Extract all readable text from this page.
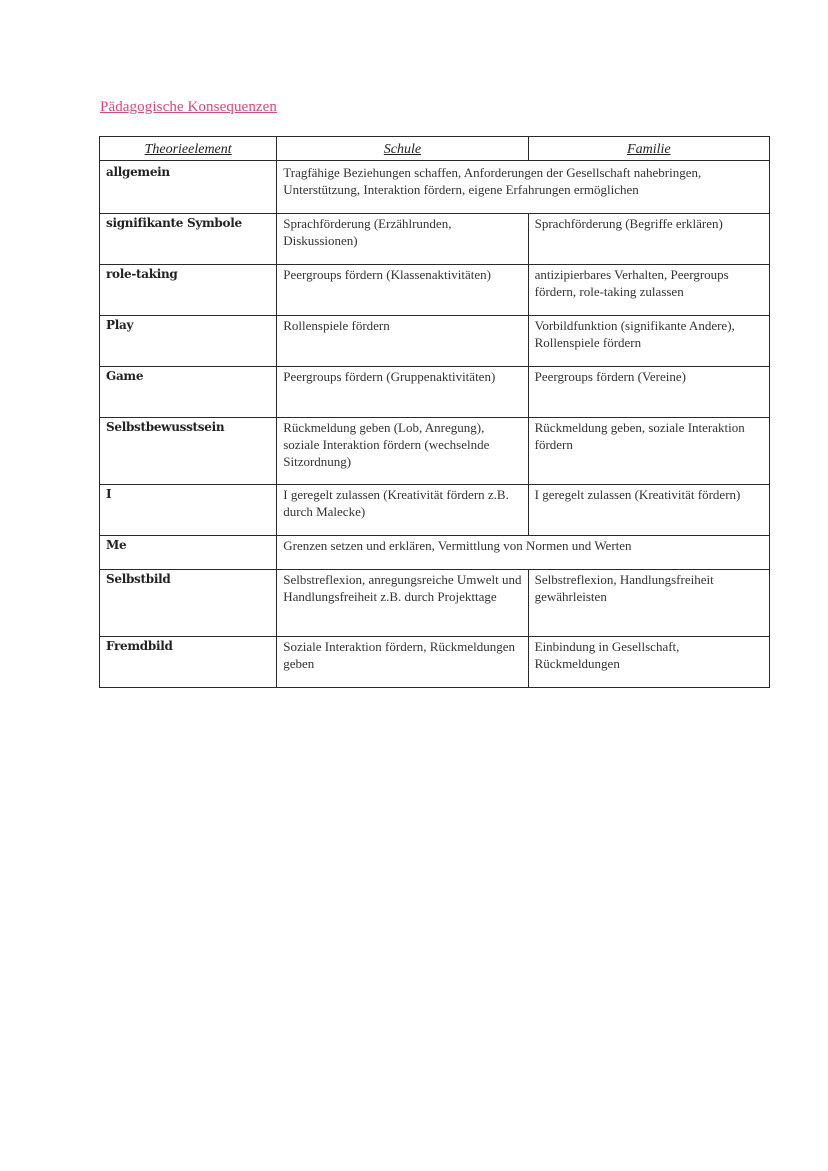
Pädagogische Konsequenzen
Theorieelement	Schule	Familie
allgemein	Tragfähige Beziehungen schaffen, Anforderungen der Gesellschaft nahebringen, Unterstützung, Interaktion fördern, eigene Erfahrungen ermöglichen	
signifikante Symbole	Sprachförderung (Erzählrunden, Diskussionen)	Sprachförderung (Begriffe erklären)
role-taking	Peergroups fördern (Klassenaktivitäten)	antizipierbares Verhalten, Peergroups fördern, role-taking zulassen
Play	Rollenspiele fördern	Vorbildfunktion (signifikante Andere), Rollenspiele fördern
Game	Peergroups fördern (Gruppenaktivitäten)	Peergroups fördern (Vereine)
Selbstbewusstsein	Rückmeldung geben (Lob, Anregung), soziale Interaktion fördern (wechselnde Sitzordnung)	Rückmeldung geben, soziale Interaktion fördern
I	I geregelt zulassen (Kreativität fördern z.B. durch Malecke)	I geregelt zulassen (Kreativität fördern)
Me	Grenzen setzen und erklären, Vermittlung von Normen und Werten	
Selbstbild	Selbstreflexion, anregungsreiche Umwelt und Handlungsfreiheit z.B. durch Projekttage	Selbstreflexion, Handlungsfreiheit gewährleisten
Fremdbild	Soziale Interaktion fördern, Rückmeldungen geben	Einbindung in Gesellschaft, Rückmeldungen
